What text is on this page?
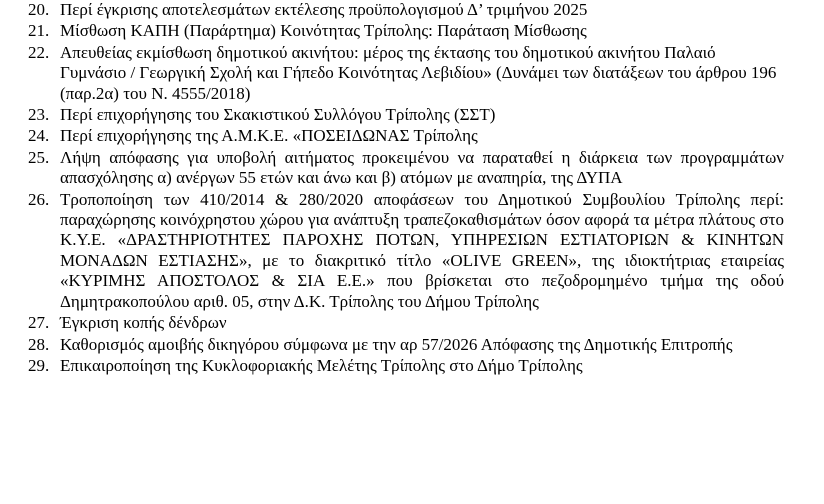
20. Περί έγκρισης αποτελεσμάτων εκτέλεσης προϋπολογισμού Δ’ τριμήνου 2025
21. Μίσθωση ΚΑΠΗ (Παράρτημα) Κοινότητας Τρίπολης: Παράταση Μίσθωσης
22. Απευθείας εκμίσθωση δημοτικού ακινήτου: μέρος της έκτασης του δημοτικού ακινήτου Παλαιό Γυμνάσιο / Γεωργική Σχολή και Γήπεδο Κοινότητας Λεβιδίου» (Δυνάμει των διατάξεων του άρθρου 196 (παρ.2α) του Ν. 4555/2018)
23. Περί επιχορήγησης του Σκακιστικού Συλλόγου Τρίπολης (ΣΣΤ)
24. Περί επιχορήγησης της Α.Μ.Κ.Ε. «ΠΟΣΕΙΔΩΝΑΣ Τρίπολης
25. Λήψη απόφασης για υποβολή αιτήματος προκειμένου να παραταθεί η διάρκεια των προγραμμάτων απασχόλησης α) ανέργων 55 ετών και άνω και β) ατόμων με αναπηρία, της ΔΥΠΑ
26. Τροποποίηση των 410/2014 & 280/2020 αποφάσεων του Δημοτικού Συμβουλίου Τρίπολης περί: παραχώρησης κοινόχρηστου χώρου για ανάπτυξη τραπεζοκαθισμάτων όσον αφορά τα μέτρα πλάτους στο Κ.Υ.Ε. «ΔΡΑΣΤΗΡΙΟΤΗΤΕΣ ΠΑΡΟΧΗΣ ΠΟΤΩΝ, ΥΠΗΡΕΣΙΩΝ ΕΣΤΙΑΤΟΡΙΩΝ & ΚΙΝΗΤΩΝ ΜΟΝΑΔΩΝ ΕΣΤΙΑΣΗΣ», με το διακριτικό τίτλο «OLIVE GREEN», της ιδιοκτήτριας εταιρείας «ΚΥΡΙΜΗΣ ΑΠΟΣΤΟΛΟΣ & ΣΙΑ Ε.Ε.» που βρίσκεται στο πεζοδρομημένο τμήμα της οδού Δημητρακοπούλου αριθ. 05, στην Δ.Κ. Τρίπολης του Δήμου Τρίπολης
27. Έγκριση κοπής δένδρων
28. Καθορισμός αμοιβής δικηγόρου σύμφωνα με την αρ 57/2026 Απόφασης της Δημοτικής Επιτροπής
29. Επικαιροποίηση της Κυκλοφοριακής Μελέτης Τρίπολης στο Δήμο Τρίπολης
